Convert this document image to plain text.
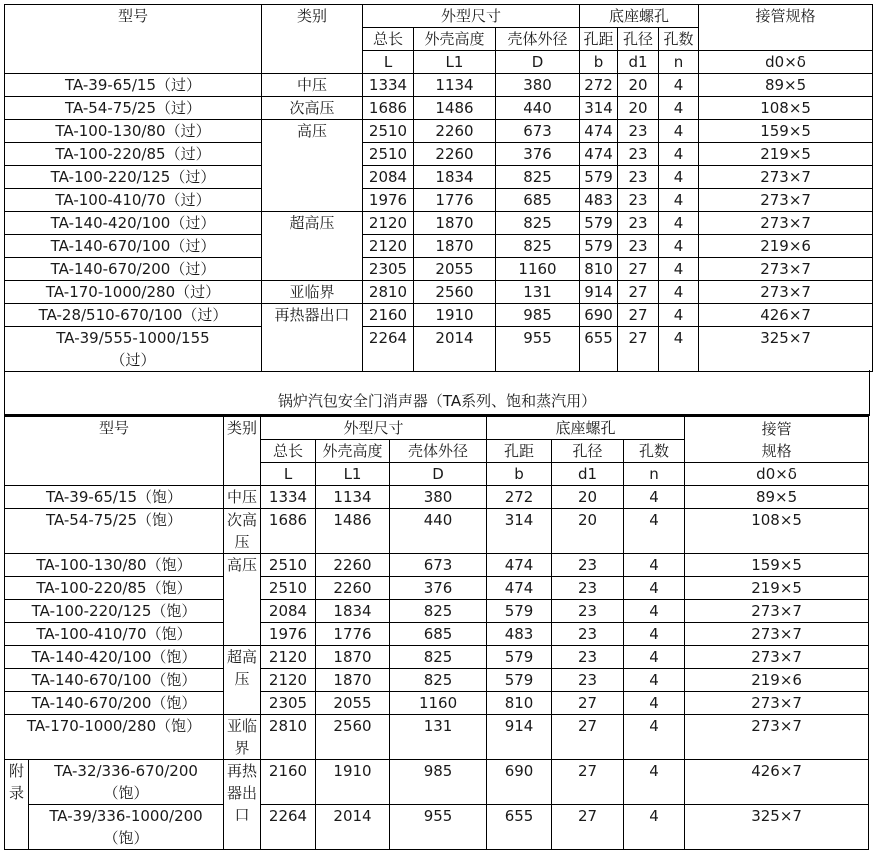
型号	类别	外型尺寸			底座螺孔			接管规格
		总长	外壳高度	壳体外径	孔距	孔径	孔数	
		L	L1	D	b	d1	n	d0×δ
TA-39-65/15（过）	中压	1334	1134	380	272	20	4	89×5
TA-54-75/25（过）	次高压	1686	1486	440	314	20	4	108×5
TA-100-130/80（过）	高压	2510	2260	673	474	23	4	159×5
TA-100-220/85（过）		2510	2260	376	474	23	4	219×5
TA-100-220/125（过）		2084	1834	825	579	23	4	273×7
TA-100-410/70（过）		1976	1776	685	483	23	4	273×7
TA-140-420/100（过）	超高压	2120	1870	825	579	23	4	273×7
TA-140-670/100（过）		2120	1870	825	579	23	4	219×6
TA-140-670/200（过）		2305	2055	1160	810	27	4	273×7
TA-170-1000/280（过）	亚临界	2810	2560	131	914	27	4	273×7
TA-28/510-670/100（过）	再热器出口	2160	1910	985	690	27	4	426×7
TA-39/555-1000/155（过）		2264	2014	955	655	27	4	325×7
锅炉汽包安全门消声器（TA系列、饱和蒸汽用）
型号		类别	外型尺寸			底座螺孔			接管规格

			总长	外壳高度	壳体外径	孔距	孔径	孔数	
			L	L1	D	b	d1	n	d0×δ
TA-39-65/15（饱）		中压	1334	1134	380	272	20	4	89×5
TA-54-75/25（饱）		次高压	1686	1486	440	314	20	4	108×5
TA-100-130/80（饱）		高压	2510	2260	673	474	23	4	159×5
TA-100-220/85（饱）			2510	2260	376	474	23	4	219×5
TA-100-220/125（饱）			2084	1834	825	579	23	4	273×7
TA-100-410/70（饱）			1976	1776	685	483	23	4	273×7
TA-140-420/100（饱）		超高压	2120	1870	825	579	23	4	273×7
TA-140-670/100（饱）			2120	1870	825	579	23	4	219×6
TA-140-670/200（饱）			2305	2055	1160	810	27	4	273×7
TA-170-1000/280（饱）		亚临界	2810	2560	131	914	27	4	273×7
附录	TA-32/336-670/200（饱）	再热器出口	2160	1910	985	690	27	4	426×7
	TA-39/336-1000/200（饱）		2264	2014	955	655	27	4	325×7
